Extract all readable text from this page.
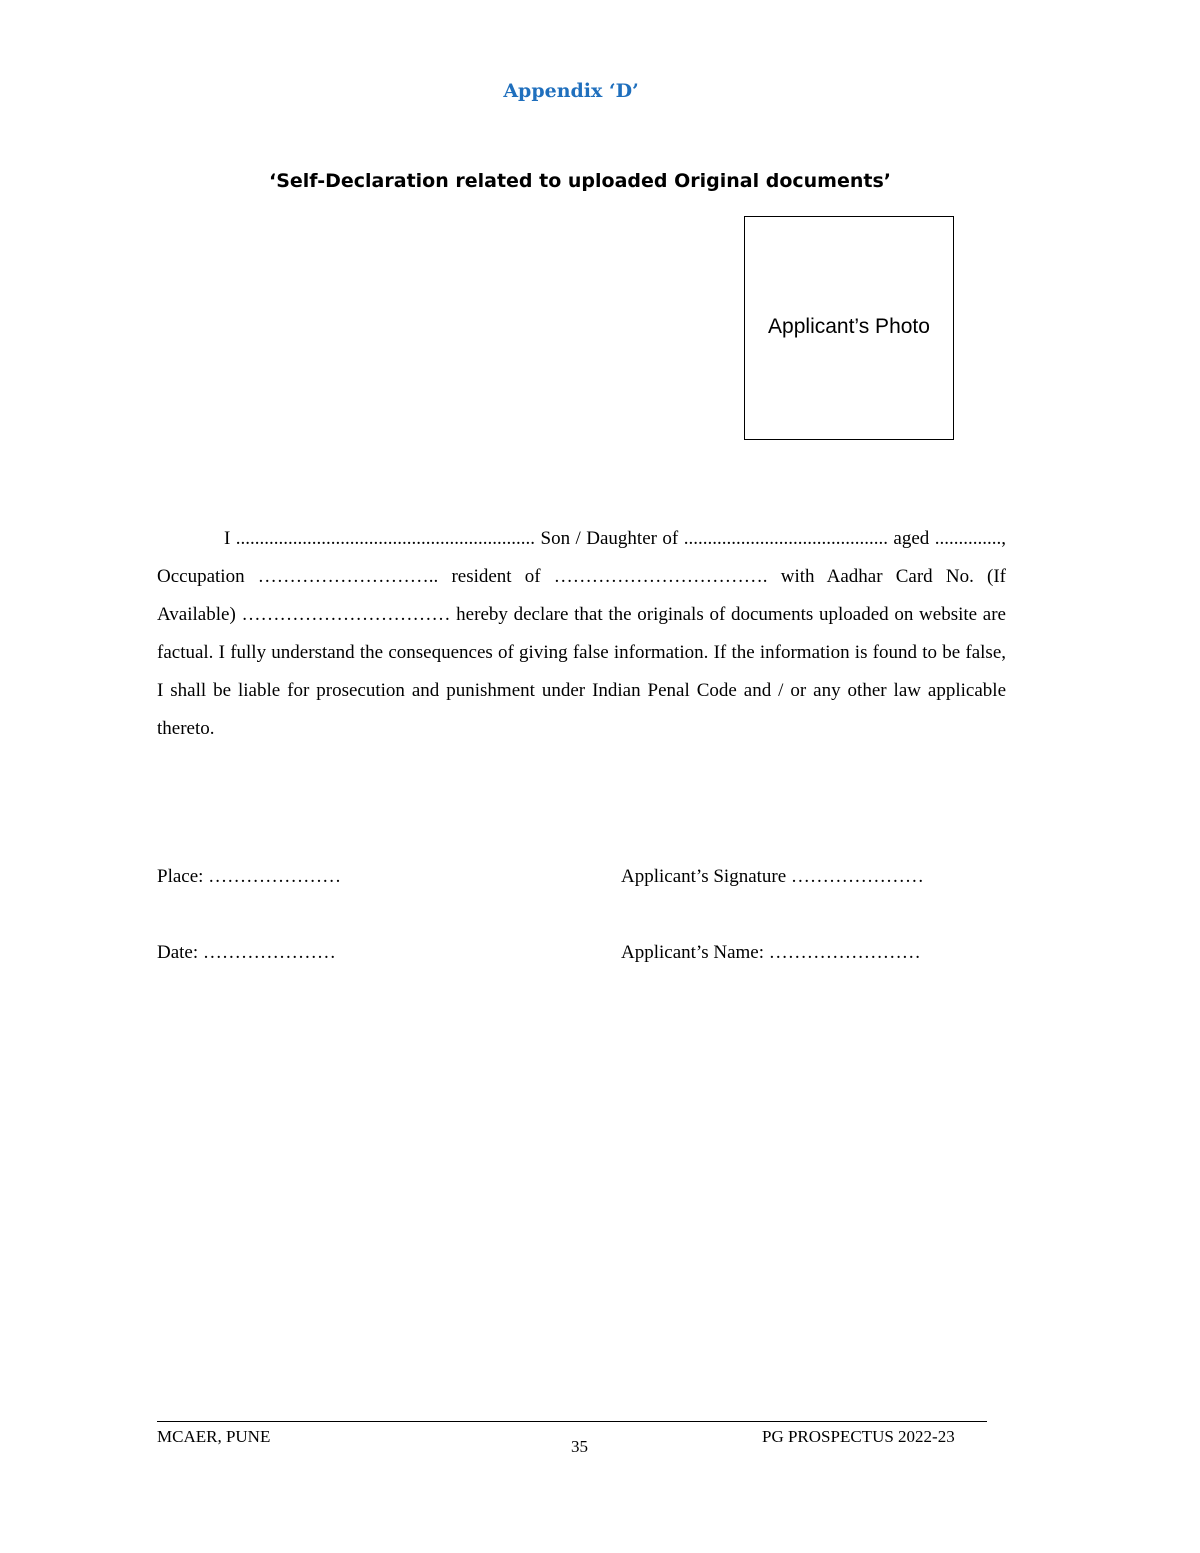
Appendix ‘D’
‘Self-Declaration related to uploaded Original documents’
Applicant’s Photo

I ............................................................... Son / Daughter of ........................................... aged .............., Occupation ……………………….. resident of ……………………………. with Aadhar Card No. (If Available) …………………………… hereby declare that the originals of documents uploaded on website are factual. I fully understand the consequences of giving false information. If the information is found to be false, I shall be liable for prosecution and punishment under Indian Penal Code and / or any other law applicable thereto.

Place: …………………	Applicant’s Signature …………………
Date: …………………	Applicant’s Name: ……………………
MCAER, PUNE
35
PG PROSPECTUS 2022-23
